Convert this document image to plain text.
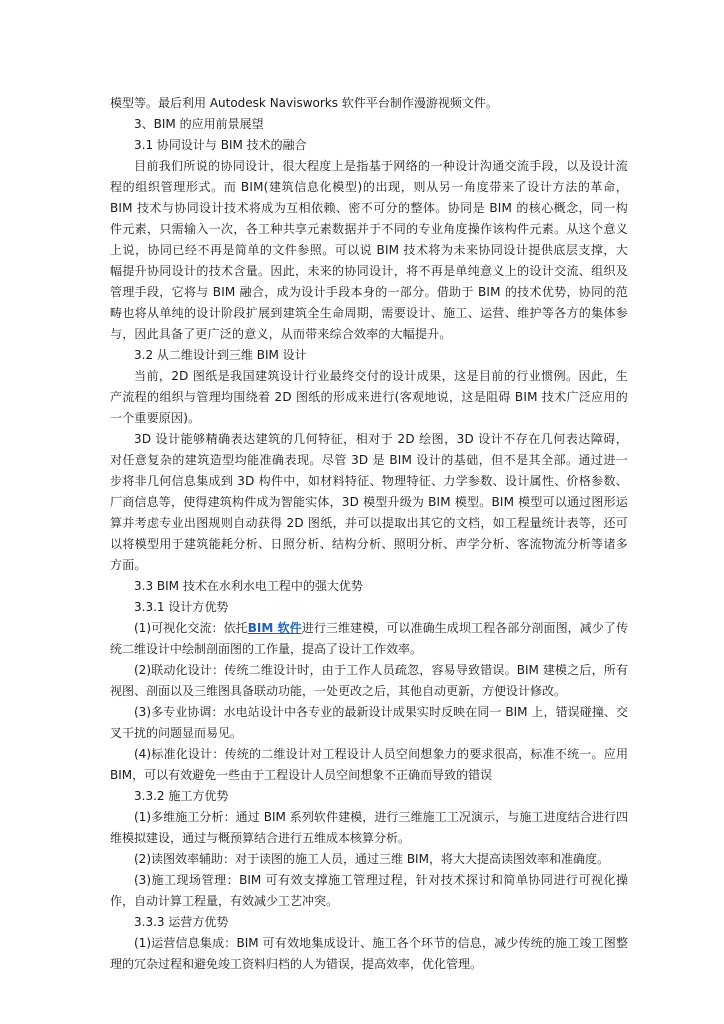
模型等。最后利用 Autodesk Navisworks 软件平台制作漫游视频文件。
3、BIM 的应用前景展望
3.1 协同设计与 BIM 技术的融合

目前我们所说的协同设计，很大程度上是指基于网络的一种设计沟通交流手段，以及设计流程的组织管理形式。而 BIM(建筑信息化模型)的出现，则从另一角度带来了设计方法的革命，BIM 技术与协同设计技术将成为互相依赖、密不可分的整体。协同是 BIM 的核心概念，同一构件元素，只需输入一次，各工种共享元素数据并于不同的专业角度操作该构件元素。从这个意义上说，协同已经不再是简单的文件参照。可以说 BIM 技术将为未来协同设计提供底层支撑，大幅提升协同设计的技术含量。因此，未来的协同设计，将不再是单纯意义上的设计交流、组织及管理手段，它将与 BIM 融合，成为设计手段本身的一部分。借助于 BIM 的技术优势，协同的范畴也将从单纯的设计阶段扩展到建筑全生命周期，需要设计、施工、运营、维护等各方的集体参与，因此具备了更广泛的意义，从而带来综合效率的大幅提升。

3.2 从二维设计到三维 BIM 设计

当前，2D 图纸是我国建筑设计行业最终交付的设计成果，这是目前的行业惯例。因此，生产流程的组织与管理均围绕着 2D 图纸的形成来进行(客观地说，这是阻碍 BIM 技术广泛应用的一个重要原因)。

3D 设计能够精确表达建筑的几何特征，相对于 2D 绘图，3D 设计不存在几何表达障碍，对任意复杂的建筑造型均能准确表现。尽管 3D 是 BIM 设计的基础，但不是其全部。通过进一步将非几何信息集成到 3D 构件中，如材料特征、物理特征、力学参数、设计属性、价格参数、厂商信息等，使得建筑构件成为智能实体，3D 模型升级为 BIM 模型。BIM 模型可以通过图形运算并考虑专业出图规则自动获得 2D 图纸，并可以提取出其它的文档，如工程量统计表等，还可以将模型用于建筑能耗分析、日照分析、结构分析、照明分析、声学分析、客流物流分析等诸多方面。

3.3 BIM 技术在水利水电工程中的强大优势
3.3.1 设计方优势

(1)可视化交流：依托BIM 软件进行三维建模，可以准确生成坝工程各部分剖面图，减少了传统二维设计中绘制剖面图的工作量，提高了设计工作效率。

(2)联动化设计：传统二维设计时，由于工作人员疏忽，容易导致错误。BIM 建模之后，所有视图、剖面以及三维图具备联动功能，一处更改之后，其他自动更新，方便设计修改。

(3)多专业协调：水电站设计中各专业的最新设计成果实时反映在同一 BIM 上，错误碰撞、交叉干扰的问题显而易见。

(4)标准化设计：传统的二维设计对工程设计人员空间想象力的要求很高，标准不统一。应用 BIM，可以有效避免一些由于工程设计人员空间想象不正确而导致的错误

3.3.2 施工方优势

(1)多维施工分析：通过 BIM 系列软件建模，进行三维施工工况演示，与施工进度结合进行四维模拟建设，通过与概预算结合进行五维成本核算分析。

(2)读图效率辅助：对于读图的施工人员，通过三维 BIM，将大大提高读图效率和准确度。

(3)施工现场管理：BIM 可有效支撑施工管理过程，针对技术探讨和简单协同进行可视化操作，自动计算工程量，有效减少工艺冲突。

3.3.3 运营方优势

(1)运营信息集成：BIM 可有效地集成设计、施工各个环节的信息，减少传统的施工竣工图整理的冗杂过程和避免竣工资料归档的人为错误，提高效率，优化管理。
